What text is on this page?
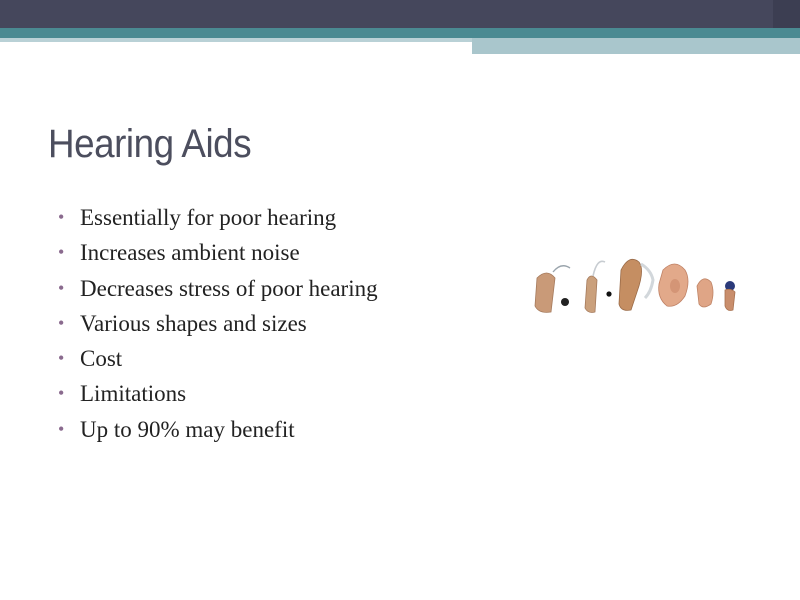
Hearing Aids
• Essentially for poor hearing
• Increases ambient noise
• Decreases stress of poor hearing
• Various shapes and sizes
• Cost
• Limitations
• Up to 90% may benefit
